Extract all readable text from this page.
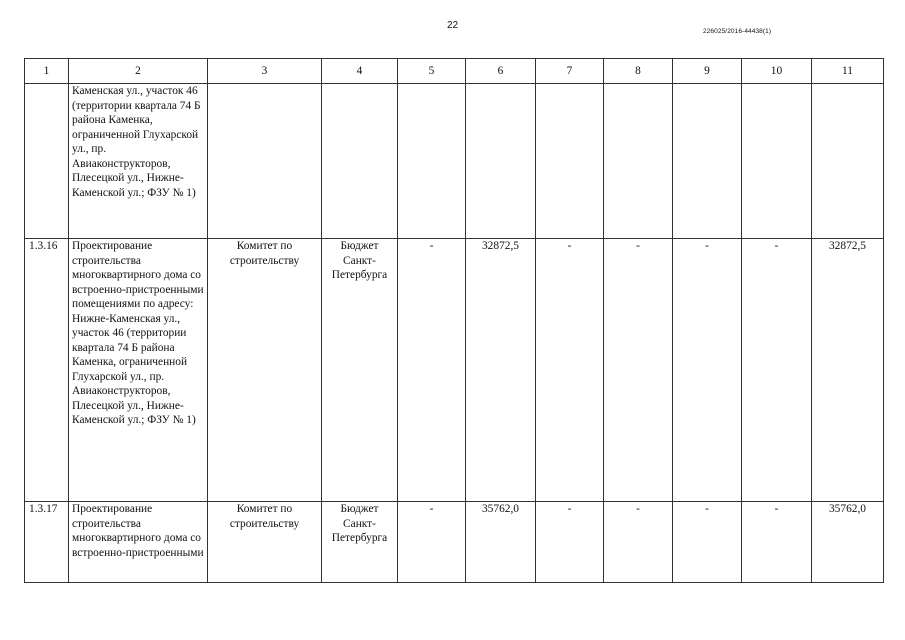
22
226025/2016-44438(1)
1	2	3	4	5	6	7	8	9	10	11
	Каменская ул., участок 46 (территории квартала 74 Б района Каменка, ограниченной Глухарской ул., пр. Авиаконструкторов, Плесецкой ул., Нижне-Каменской ул.; ФЗУ № 1)									
1.3.16	Проектирование строительства многоквартирного дома со встроенно-пристроенными помещениями по адресу: Нижне-Каменская ул., участок 46 (территории квартала 74 Б района Каменка, ограниченной Глухарской ул., пр. Авиаконструкторов, Плесецкой ул., Нижне-Каменской ул.; ФЗУ № 1)	Комитет по строительству	Бюджет Санкт-Петербурга	-	32872,5	-	-	-	-	32872,5
1.3.17	Проектирование строительства многоквартирного дома со встроенно-пристроенными	Комитет по строительству	Бюджет Санкт-Петербурга	-	35762,0	-	-	-	-	35762,0
